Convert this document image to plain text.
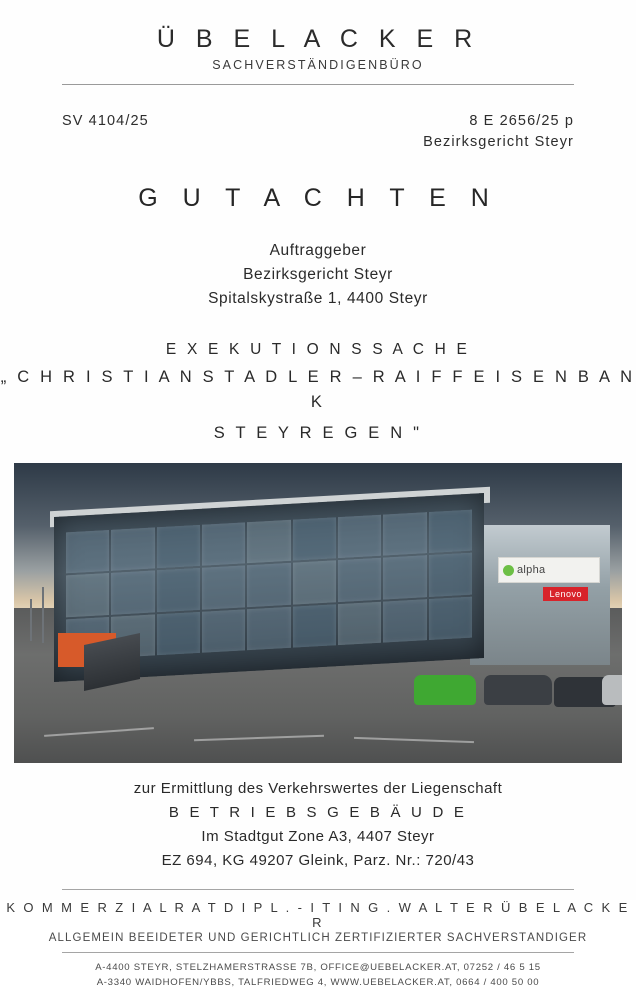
Ü B E L A C K E R
SACHVERSTÄNDIGENBÜRO
SV 4104/25	8 E 2656/25 p
Bezirksgericht Steyr
G U T A C H T E N
Auftraggeber
Bezirksgericht Steyr
Spitalskystraße 1, 4400 Steyr
E X E K U T I O N S S A C H E
„ C H R I S T I A N S T A D L E R – R A I F F E I S E N B A N K
S T E Y R E G E N "
alpha
Lenovo
zur Ermittlung des Verkehrswertes der Liegenschaft
B E T R I E B S G E B Ä U D E
Im Stadtgut Zone A3, 4407 Steyr
EZ 694, KG 49207 Gleink, Parz. Nr.: 720/43
K O M M E R Z I A L R A T D I P L . - I T I N G . W A L T E R Ü B E L A C K E R
ALLGEMEIN BEEIDETER UND GERICHTLICH ZERTIFIZIERTER SACHVERSTÄNDIGER
A-4400 STEYR, STELZHAMERSTRASSE 7B, OFFICE@UEBELACKER.AT, 07252 / 46 5 15
A-3340 WAIDHOFEN/YBBS, TALFRIEDWEG 4, WWW.UEBELACKER.AT, 0664 / 400 50 00
